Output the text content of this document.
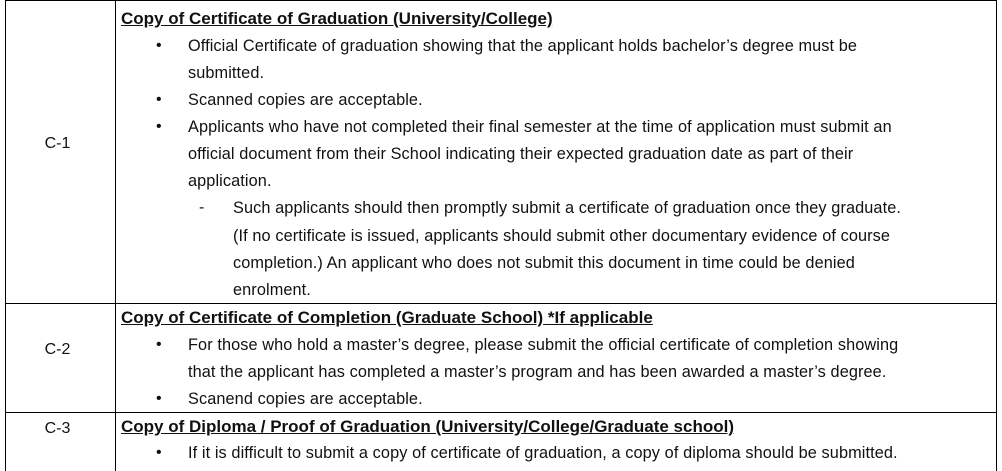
C-1
Copy of Certificate of Graduation (University/College)
• Official Certificate of graduation showing that the applicant holds bachelor’s degree must be
submitted.
• Scanned copies are acceptable.
• Applicants who have not completed their final semester at the time of application must submit an
official document from their School indicating their expected graduation date as part of their
application.
- Such applicants should then promptly submit a certificate of graduation once they graduate.
(If no certificate is issued, applicants should submit other documentary evidence of course
completion.) An applicant who does not submit this document in time could be denied
enrolment.
C-2
Copy of Certificate of Completion (Graduate School) *If applicable
• For those who hold a master’s degree, please submit the official certificate of completion showing
that the applicant has completed a master’s program and has been awarded a master’s degree.
• Scanend copies are acceptable.
C-3	Copy of Diploma / Proof of Graduation (University/College/Graduate school)
• If it is difficult to submit a copy of certificate of graduation, a copy of diploma should be submitted.
